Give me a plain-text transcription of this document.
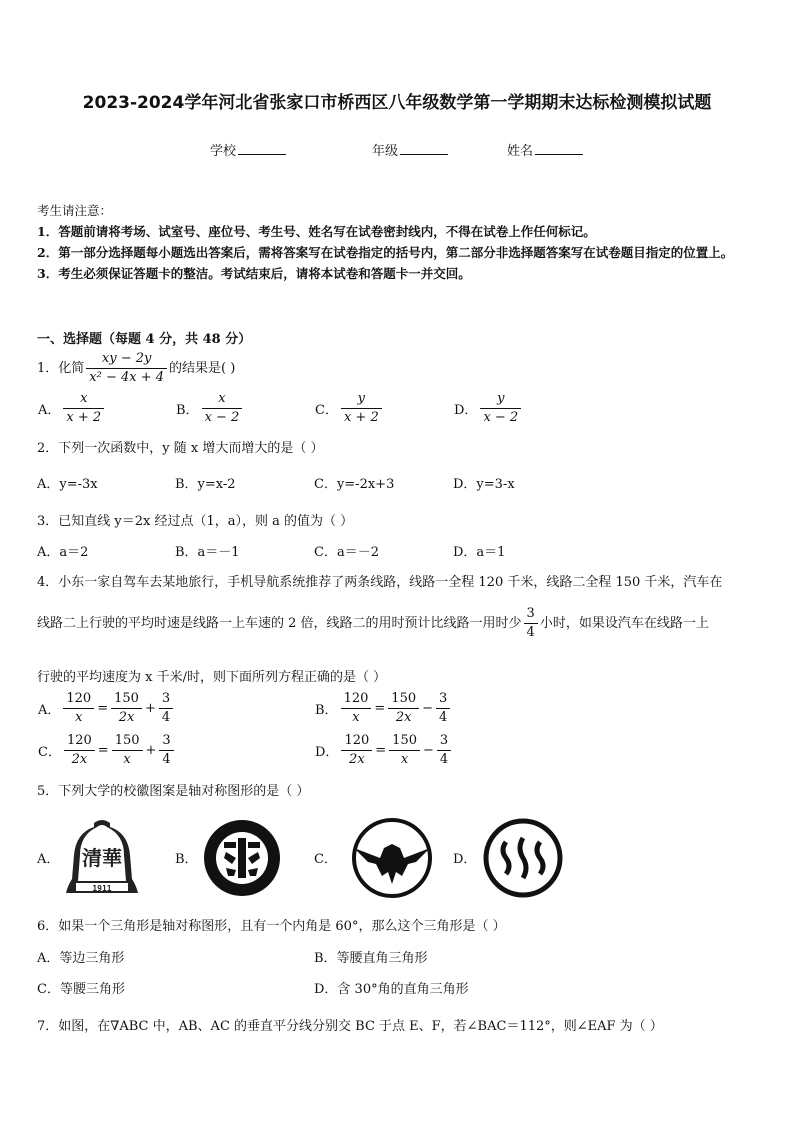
2023-2024学年河北省张家口市桥西区八年级数学第一学期期末达标检测模拟试题
学校	年级	姓名
考生请注意：
1．答题前请将考场、试室号、座位号、考生号、姓名写在试卷密封线内，不得在试卷上作任何标记。
2．第一部分选择题每小题选出答案后，需将答案写在试卷指定的括号内，第二部分非选择题答案写在试卷题目指定的位置上。
3．考生必须保证答题卡的整洁。考试结束后，请将本试卷和答题卡一并交回。
一、选择题（每题 4 分，共 48 分）
1．化简 $\frac{xy - 2y}{\text{x² − 4x + 4}}$ 的结果是( )
A． $\frac{x}{x + 2}$	B． $\frac{x}{x - 2}$	C． $\frac{y}{x + 2}$	D． $\frac{y}{x - 2}$
2．下列一次函数中，y 随 x 增大而增大的是（ ）
A．y=-3x	B．y=x-2	C．y=-2x+3	D．y=3-x
3．已知直线 y＝2x 经过点（1，a），则 a 的值为（ ）
A．a＝2	B．a＝－1	C．a＝－2	D．a＝1
4．小东一家自驾车去某地旅行，手机导航系统推荐了两条线路，线路一全程 120 千米，线路二全程 150 千米，汽车在
线路二上行驶的平均时速是线路一上车速的 2 倍，线路二的用时预计比线路一用时少 $\frac{3}{4}$ 小时，如果设汽车在线路一上
行驶的平均速度为 x 千米/时，则下面所列方程正确的是（ ）
A． $\frac{120}{x} = \frac{150}{2x} + \frac{3}{4}$	B． $\frac{120}{x} = \frac{150}{2x} - \frac{3}{4}$
C． $\frac{120}{2x} = \frac{150}{x} + \frac{3}{4}$	D． $\frac{120}{2x} = \frac{150}{x} - \frac{3}{4}$
5．下列大学的校徽图案是轴对称图形的是（ ）
A．	B．	C．	D．
清華
1911
6．如果一个三角形是轴对称图形，且有一个内角是 60°，那么这个三角形是（ ）
A．等边三角形	B．等腰直角三角形
C．等腰三角形	D．含 30°角的直角三角形
7．如图，在∇ABC 中，AB、AC 的垂直平分线分别交 BC 于点 E、F，若∠BAC＝112°，则∠EAF 为（ ）
